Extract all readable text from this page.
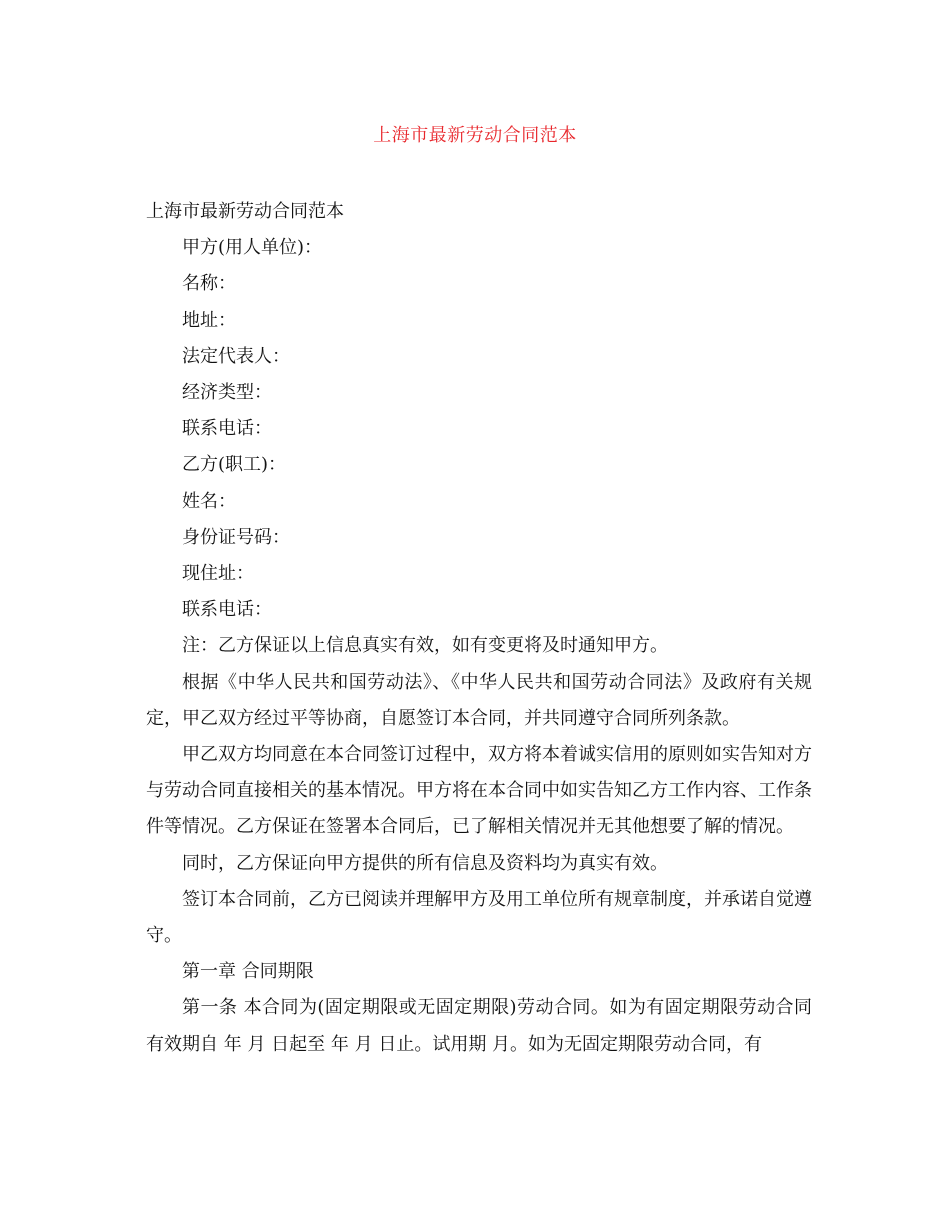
上海市最新劳动合同范本

上海市最新劳动合同范本

甲方(用人单位)：

名称：

地址：

法定代表人：

经济类型：

联系电话：

乙方(职工)：

姓名：

身份证号码：

现住址：

联系电话：

注：乙方保证以上信息真实有效，如有变更将及时通知甲方。

根据《中华人民共和国劳动法》、《中华人民共和国劳动合同法》及政府有关规定，甲乙双方经过平等协商，自愿签订本合同，并共同遵守合同所列条款。

甲乙双方均同意在本合同签订过程中，双方将本着诚实信用的原则如实告知对方与劳动合同直接相关的基本情况。甲方将在本合同中如实告知乙方工作内容、工作条件等情况。乙方保证在签署本合同后，已了解相关情况并无其他想要了解的情况。

同时，乙方保证向甲方提供的所有信息及资料均为真实有效。

签订本合同前，乙方已阅读并理解甲方及用工单位所有规章制度，并承诺自觉遵守。

第一章 合同期限

第一条 本合同为(固定期限或无固定期限)劳动合同。如为有固定期限劳动合同有效期自 年 月 日起至 年 月 日止。试用期 月。如为无固定期限劳动合同，有
